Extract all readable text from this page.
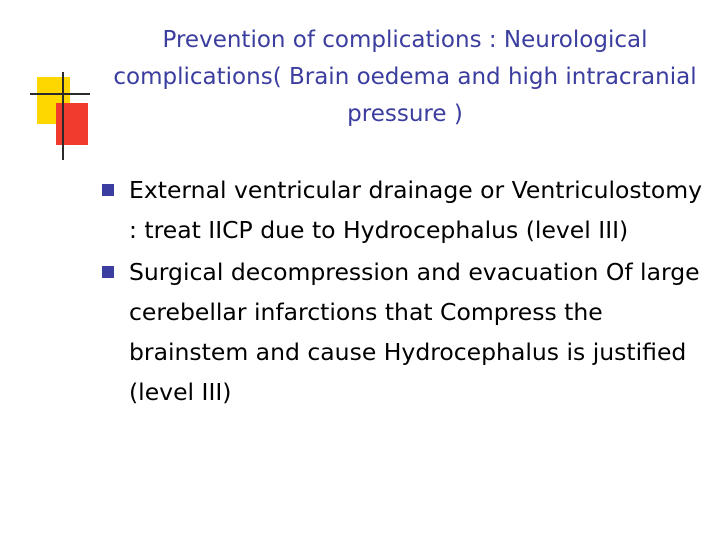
Prevention of complications : Neurological complications( Brain oedema and high intracranial pressure )
External ventricular drainage or Ventriculostomy : treat IICP due to Hydrocephalus (level III)
Surgical decompression and evacuation Of large cerebellar infarctions that Compress the brainstem and cause Hydrocephalus is justified (level III)
